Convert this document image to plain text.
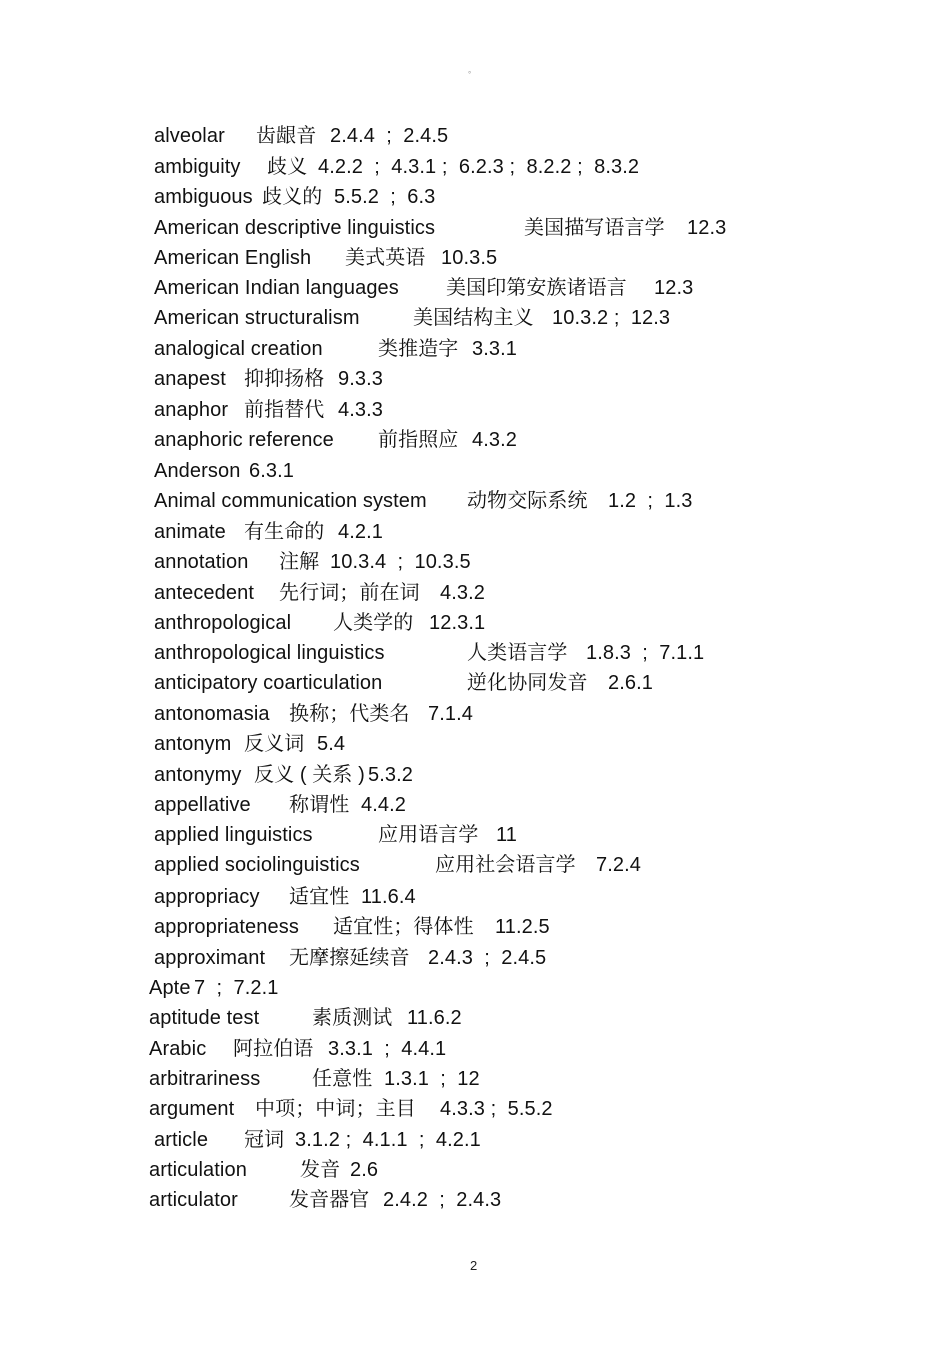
°
alveolar 齿龈音 2.4.4  ;  2.4.5
ambiguity 歧义 4.2.2  ;  4.3.1 ;  6.2.3 ;  8.2.2 ;  8.3.2
ambiguous 歧义的 5.5.2  ;  6.3
American descriptive linguistics	美国描写语言学 12.3
American English 美式英语 10.3.5
American Indian languages 美国印第安族诸语言 12.3
American structuralism	美国结构主义 10.3.2 ;  12.3
analogical creation	类推造字 3.3.1
anapest 抑抑扬格 9.3.3
anaphor 前指替代 4.3.3
anaphoric reference 前指照应 4.3.2
Anderson 6.3.1
Animal communication system 动物交际系统 1.2  ;  1.3
animate 有生命的 4.2.1
annotation 注解 10.3.4  ;  10.3.5
antecedent 先行词；前在词 4.3.2
anthropological 人类学的 12.3.1
anthropological linguistics	人类语言学 1.8.3  ;  7.1.1
anticipatory coarticulation	逆化协同发音 2.6.1
antonomasia 换称；代类名 7.1.4
antonym 反义词 5.4
antonymy 反义 ( 关系 ) 5.3.2
appellative 称谓性 4.4.2
applied linguistics	应用语言学 11
applied sociolinguistics	应用社会语言学 7.2.4
appropriacy 适宜性 11.6.4
appropriateness 适宜性；得体性 11.2.5
approximant 无摩擦延续音 2.4.3  ;  2.4.5
Apte 7  ;  7.2.1
aptitude test	素质测试 11.6.2
Arabic 阿拉伯语 3.3.1  ;  4.4.1
arbitrariness	任意性 1.3.1  ;  12
argument 中项；中词；主目 4.3.3 ;  5.5.2
article 冠词 3.1.2 ;  4.1.1  ;  4.2.1
articulation	发音 2.6
articulator	发音器官 2.4.2  ;  2.4.3
2
